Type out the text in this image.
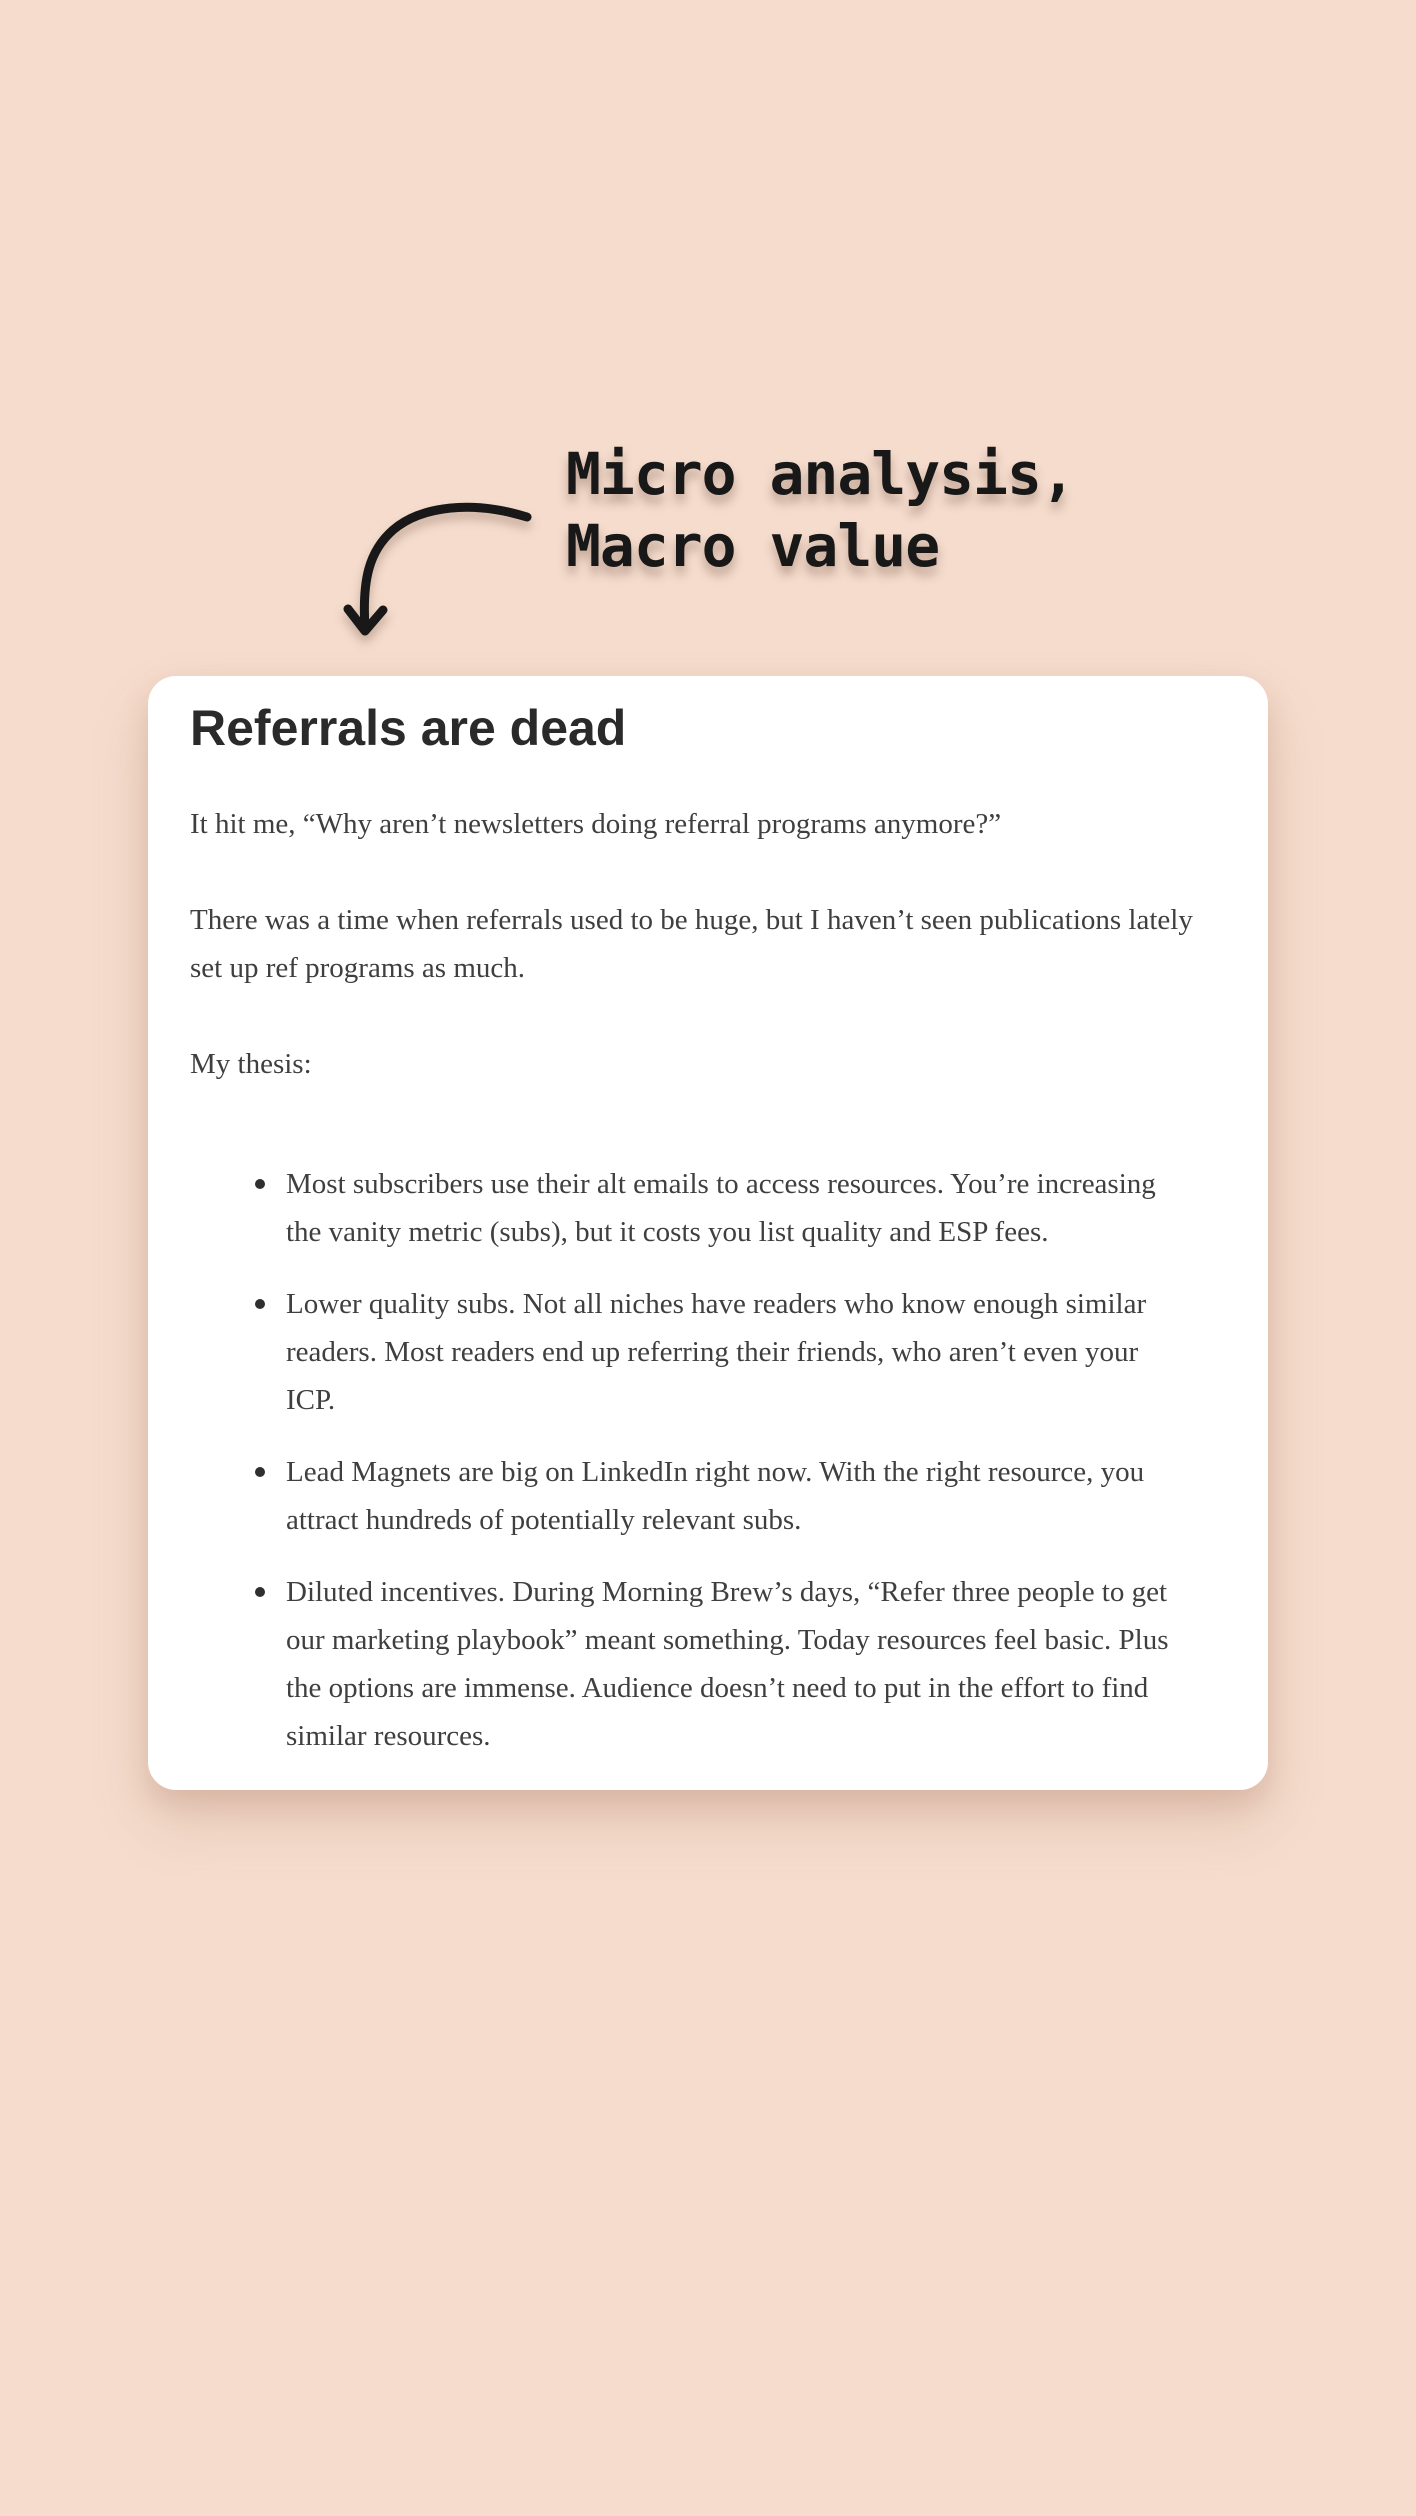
Micro analysis,
Macro value
Referrals are dead

It hit me, “Why aren’t newsletters doing referral programs anymore?”

There was a time when referrals used to be huge, but I haven’t seen publications lately set up ref programs as much.

My thesis:

Most subscribers use their alt emails to access resources. You’re increasing the vanity metric (subs), but it costs you list quality and ESP fees.
Lower quality subs. Not all niches have readers who know enough similar readers. Most readers end up referring their friends, who aren’t even your ICP.
Lead Magnets are big on LinkedIn right now. With the right resource, you attract hundreds of potentially relevant subs.
Diluted incentives. During Morning Brew’s days, “Refer three people to get our marketing playbook” meant something. Today resources feel basic. Plus the options are immense. Audience doesn’t need to put in the effort to find similar resources.
